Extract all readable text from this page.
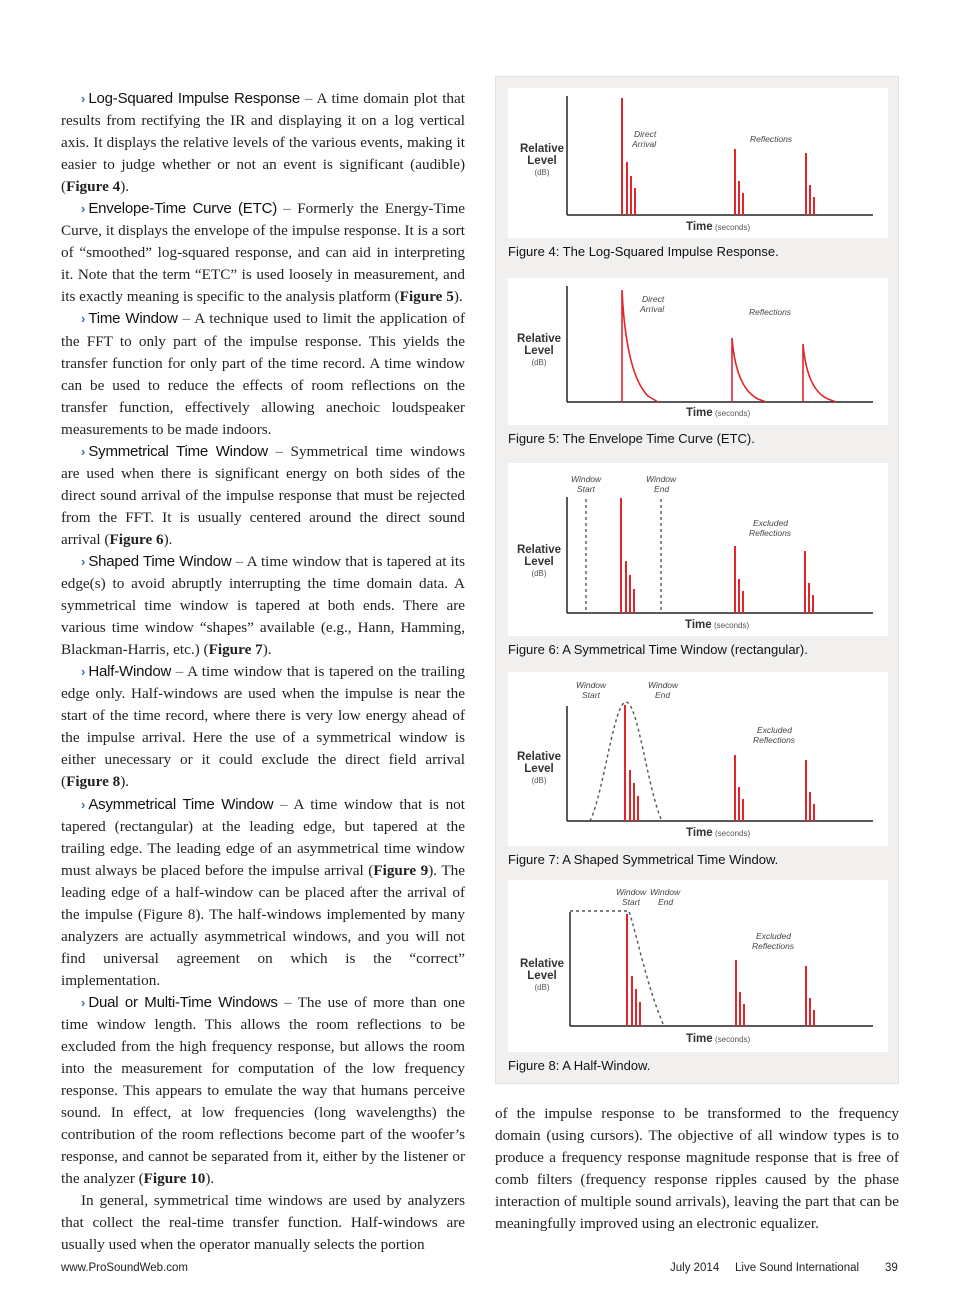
› Log-Squared Impulse Response – A time domain plot that results from rectifying the IR and displaying it on a log vertical axis. It displays the relative levels of the various events, making it easier to judge whether or not an event is significant (audible) (Figure 4).

› Envelope-Time Curve (ETC) – Formerly the Energy-Time Curve, it displays the envelope of the impulse response. It is a sort of “smoothed” log-squared response, and can aid in interpreting it. Note that the term “ETC” is used loosely in measurement, and its exactly meaning is specific to the analysis platform (Figure 5).

› Time Window – A technique used to limit the application of the FFT to only part of the impulse response. This yields the transfer function for only part of the time record. A time window can be used to reduce the effects of room reflections on the transfer function, effectively allowing anechoic loudspeaker measurements to be made indoors.

› Symmetrical Time Window – Symmetrical time windows are used when there is significant energy on both sides of the direct sound arrival of the impulse response that must be rejected from the FFT. It is usually centered around the direct sound arrival (Figure 6).

› Shaped Time Window – A time window that is tapered at its edge(s) to avoid abruptly interrupting the time domain data. A symmetrical time window is tapered at both ends. There are various time window “shapes” available (e.g., Hann, Hamming, Blackman-Harris, etc.) (Figure 7).

› Half-Window – A time window that is tapered on the trailing edge only. Half-windows are used when the impulse is near the start of the time record, where there is very low energy ahead of the impulse arrival. Here the use of a symmetrical window is either unecessary or it could exclude the direct field arrival (Figure 8).

› Asymmetrical Time Window – A time window that is not tapered (rectangular) at the leading edge, but tapered at the trailing edge. The leading edge of an asymmetrical time window must always be placed before the impulse arrival (Figure 9). The leading edge of a half-window can be placed after the arrival of the impulse (Figure 8). The half-windows implemented by many analyzers are actually asymmetrical windows, and you will not find universal agreement on which is the “correct” implementation.

› Dual or Multi-Time Windows – The use of more than one time window length. This allows the room reflections to be excluded from the high frequency response, but allows the room into the measurement for computation of the low frequency response. This appears to emulate the way that humans perceive sound. In effect, at low frequencies (long wavelengths) the contribution of the room reflections become part of the woofer’s response, and cannot be separated from it, either by the listener or the analyzer (Figure 10).

In general, symmetrical time windows are used by analyzers that collect the real-time transfer function. Half-windows are usually used when the operator manually selects the portion

Relative
Level
(dB)
Direct
Arrival	Reflections
Time (seconds)
Figure 4: The Log-Squared Impulse Response.
Relative
Level
(dB)
Direct
Arrival	Reflections
Time (seconds)
Figure 5: The Envelope Time Curve (ETC).
Relative
Level
(dB)
Window
Start
Window
End
Excluded
Reflections
Time (seconds)
Figure 6: A Symmetrical Time Window (rectangular).
Relative
Level
(dB)
Window
Start
Window
End
Excluded
Reflections
Time (seconds)
Figure 7: A Shaped Symmetrical Time Window.
Relative
Level
(dB)
Window
Start
Window
End
Excluded
Reflections
Time (seconds)
Figure 8: A Half-Window.

of the impulse response to be transformed to the frequency domain (using cursors). The objective of all window types is to produce a frequency response magnitude response that is free of comb filters (frequency response ripples caused by the phase interaction of multiple sound arrivals), leaving the part that can be meaningfully improved using an electronic equalizer.

www.ProSoundWeb.com	July 2014 Live Sound International 39
